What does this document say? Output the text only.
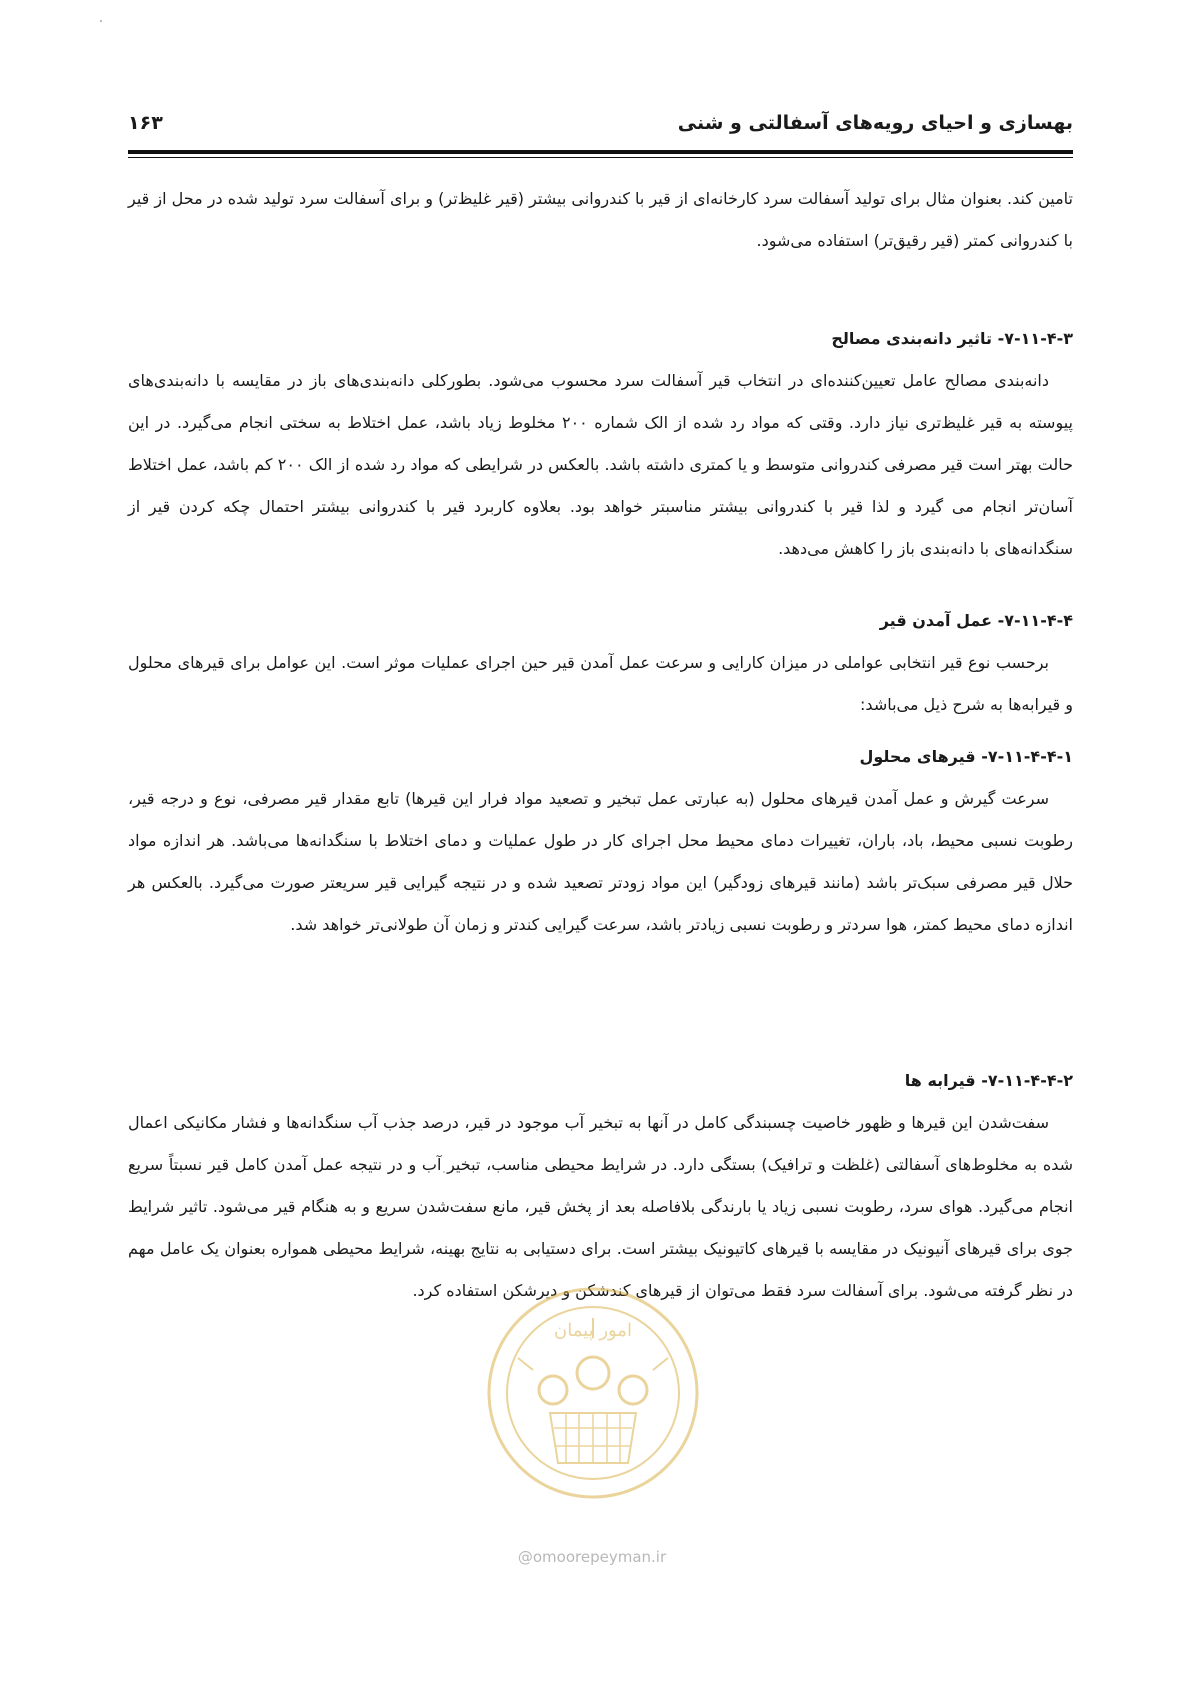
بهسازی و احیای رویه‌های آسفالتی و شنی
۱۶۳

تامین کند. بعنوان مثال برای تولید آسفالت سرد کارخانه‌ای از قیر با کندروانی بیشتر (قیر غلیظ‌تر) و برای آسفالت سرد تولید شده در محل از قیر با کندروانی کمتر (قیر رقیق‌تر) استفاده می‌شود.

۷-۱۱-۴-۳- تاثیر دانه‌بندی مصالح

دانه‌بندی مصالح عامل تعیین‌کننده‌ای در انتخاب قیر آسفالت سرد محسوب می‌شود. بطورکلی دانه‌بندی‌های باز در مقایسه با دانه‌بندی‌های پیوسته به قیر غلیظ‌تری نیاز دارد. وقتی که مواد رد شده از الک شماره ۲۰۰ مخلوط زیاد باشد، عمل اختلاط به سختی انجام می‌گیرد. در این حالت بهتر است قیر مصرفی کندروانی متوسط و یا کمتری داشته باشد. بالعکس در شرایطی که مواد رد شده از الک ۲۰۰ کم باشد، عمل اختلاط آسان‌تر انجام می گیرد و لذا قیر با کندروانی بیشتر مناسبتر خواهد بود. بعلاوه کاربرد قیر با کندروانی بیشتر احتمال چکه کردن قیر از سنگدانه‌های با دانه‌بندی باز را کاهش می‌دهد.

۷-۱۱-۴-۴- عمل آمدن قیر

برحسب نوع قیر انتخابی عواملی در میزان کارایی و سرعت عمل آمدن قیر حین اجرای عملیات موثر است. این عوامل برای قیرهای محلول و قیرابه‌ها به شرح ذیل می‌باشد:

۷-۱۱-۴-۴-۱- قیرهای محلول

سرعت گیرش و عمل آمدن قیرهای محلول (به عبارتی عمل تبخیر و تصعید مواد فرار این قیرها) تابع مقدار قیر مصرفی، نوع و درجه قیر، رطوبت نسبی محیط، باد، باران، تغییرات دمای محیط محل اجرای کار در طول عملیات و دمای اختلاط با سنگدانه‌ها می‌باشد. هر اندازه مواد حلال قیر مصرفی سبک‌تر باشد (مانند قیرهای زودگیر) این مواد زودتر تصعید شده و در نتیجه گیرایی قیر سریعتر صورت می‌گیرد. بالعکس هر اندازه دمای محیط کمتر، هوا سردتر و رطوبت نسبی زیادتر باشد، سرعت گیرایی کندتر و زمان آن طولانی‌تر خواهد شد.

۷-۱۱-۴-۴-۲- قیرابه ها

سفت‌شدن این قیرها و ظهور خاصیت چسبندگی کامل در آنها به تبخیر آب موجود در قیر، درصد جذب آب سنگدانه‌ها و فشار مکانیکی اعمال شده به مخلوط‌های آسفالتی (غلظت و ترافیک) بستگی دارد. در شرایط محیطی مناسب، تبخیر آب و در نتیجه عمل آمدن کامل قیر نسبتاً سریع انجام می‌گیرد. هوای سرد، رطوبت نسبی زیاد یا بارندگی بلافاصله بعد از پخش قیر، مانع سفت‌شدن سریع و به هنگام قیر می‌شود. تاثیر شرایط جوی برای قیرهای آنیونیک در مقایسه با قیرهای کاتیونیک بیشتر است. برای دستیابی به نتایج بهینه، شرایط محیطی همواره بعنوان یک عامل مهم در نظر گرفته می‌شود. برای آسفالت سرد فقط می‌توان از قیرهای کندشکن و دیرشکن استفاده کرد.

امور پیمان
@omoorepeyman.ir
